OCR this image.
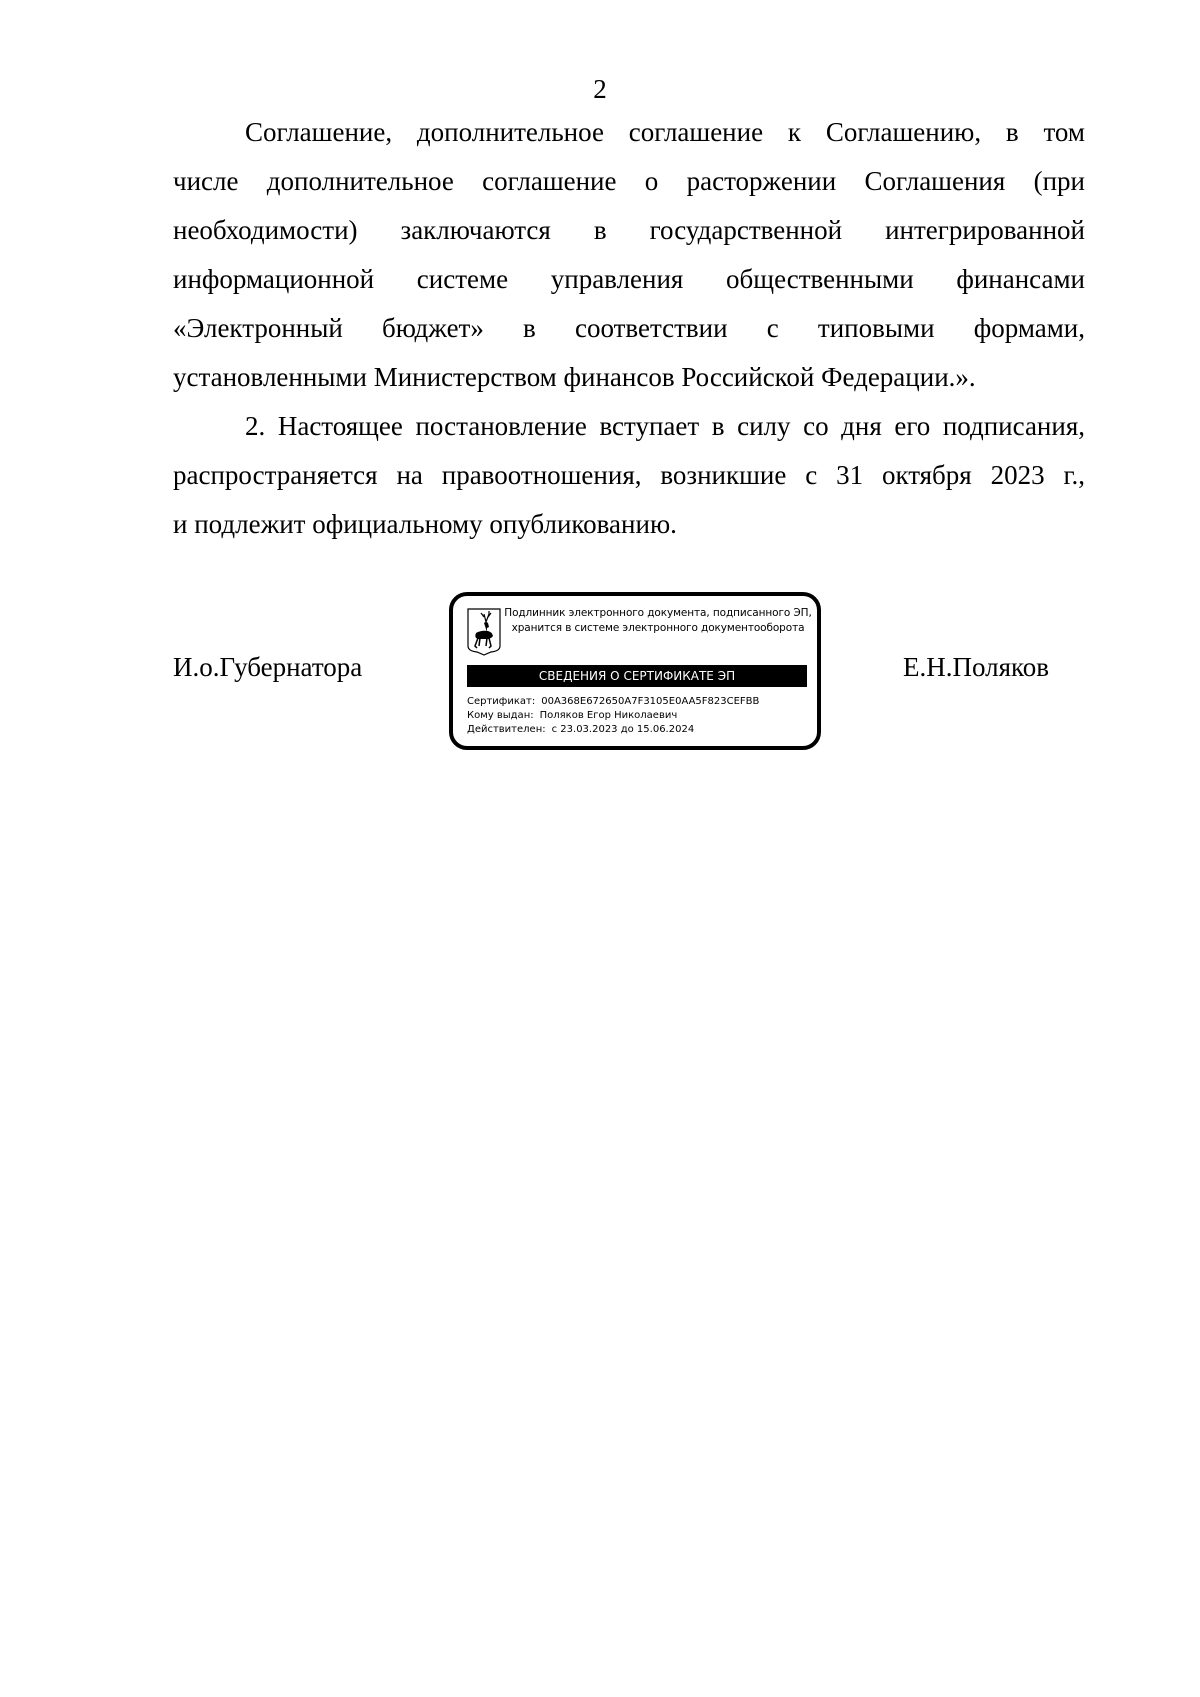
2

Соглашение, дополнительное соглашение к Соглашению, в том
числе дополнительное соглашение о расторжении Соглашения (при
необходимости) заключаются в государственной интегрированной
информационной системе управления общественными финансами
«Электронный бюджет» в соответствии с типовыми формами,
установленными Министерством финансов Российской Федерации.».

2. Настоящее постановление вступает в силу со дня его подписания,
распространяется на правоотношения, возникшие с 31 октября 2023 г.,
и подлежит официальному опубликованию.

И.о.Губернатора
Подлинник электронного документа, подписанного ЭП,
хранится в системе электронного документооборота
СВЕДЕНИЯ О СЕРТИФИКАТЕ ЭП
Сертификат: 00A368E672650A7F3105E0AA5F823CEFBB
Кому выдан: Поляков Егор Николаевич
Действителен: с 23.03.2023 до 15.06.2024
Е.Н.Поляков
